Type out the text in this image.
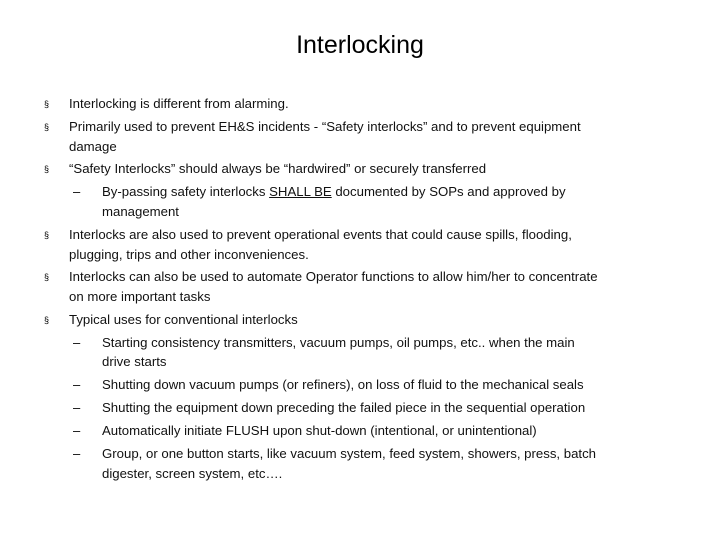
Interlocking
§ Interlocking is different from alarming.
§ Primarily used to prevent EH&S incidents - “Safety interlocks” and to prevent equipment
damage
§ “Safety Interlocks” should always be “hardwired” or securely transferred
– By-passing safety interlocks SHALL BE documented by SOPs and approved by
management
§ Interlocks are also used to prevent operational events that could cause spills, flooding,
plugging, trips and other inconveniences.
§ Interlocks can also be used to automate Operator functions to allow him/her to concentrate
on more important tasks
§ Typical uses for conventional interlocks
– Starting consistency transmitters, vacuum pumps, oil pumps, etc.. when the main
drive starts
– Shutting down vacuum pumps (or refiners), on loss of fluid to the mechanical seals
– Shutting the equipment down preceding the failed piece in the sequential operation
– Automatically initiate FLUSH upon shut-down (intentional, or unintentional)
– Group, or one button starts, like vacuum system, feed system, showers, press, batch
digester, screen system, etc….
